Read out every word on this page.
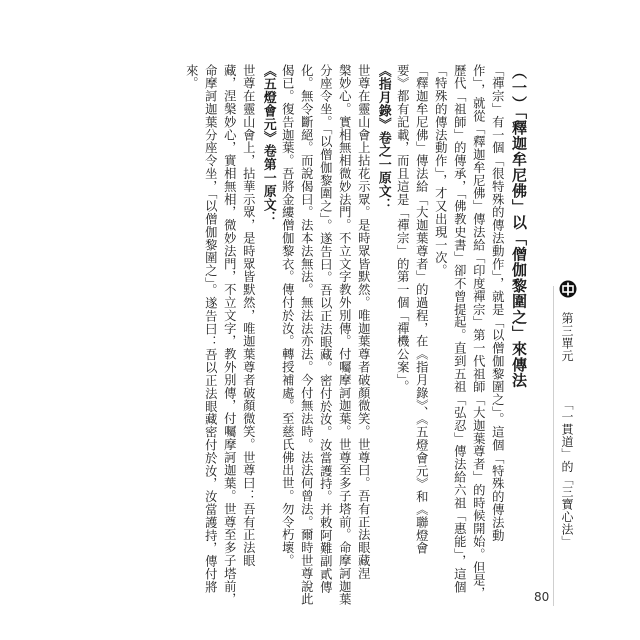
第三單元
「一貫道」的「三寶心法」
（一）「釋迦牟尼佛」以「僧伽黎圍之」來傳法
「禪宗」有一個「很特殊的傳法動作」，就是「以僧伽黎圍之」。這個「特殊的傳法動
作」，就從「釋迦牟尼佛」傳法給「印度禪宗」第一代祖師「大迦葉尊者」的時候開始。但是，
歷代「祖師」的傳承，「佛教史書」卻不曾提起。直到五祖「弘忍」傳法給六祖「惠能」，這個
「特殊的傳法動作」，才又出現一次。
「釋迦牟尼佛」傳法給「大迦葉尊者」的過程，在《指月錄》、《五燈會元》和《聯燈會
要》都有記載，而且這是「禪宗」的第一個「禪機公案」。
《指月錄》卷之一原文：
世尊在靈山會上拈花示眾。是時眾皆默然。唯迦葉尊者破顏微笑。世尊曰。吾有正法眼藏涅
槃妙心。實相無相微妙法門。不立文字教外別傳。付囑摩訶迦葉。世尊至多子塔前。命摩訶迦葉
分座令坐。「以僧伽黎圍之」。遂告曰。吾以正法眼藏。密付於汝。汝當護持。并敕阿難副貳傳
化。無令斷絕。而說偈曰。法本法無法。無法法亦法。今付無法時。法法何曾法。爾時世尊說此
偈已。復告迦葉。吾將金縷僧伽黎衣。傳付於汝。轉授補處。至慈氏佛出世。勿令朽壞。
《五燈會元》卷第一原文：
世尊在靈山會上，拈華示眾，是時眾皆默然，唯迦葉尊者破顏微笑。世尊曰：吾有正法眼
藏，涅槃妙心，實相無相，微妙法門，不立文字，教外別傳，付囑摩訶迦葉。世尊至多子塔前，
命摩訶迦葉分座令坐，「以僧伽黎圍之」。遂告曰：吾以正法眼藏密付於汝，汝當護持，傳付將
來。
80
